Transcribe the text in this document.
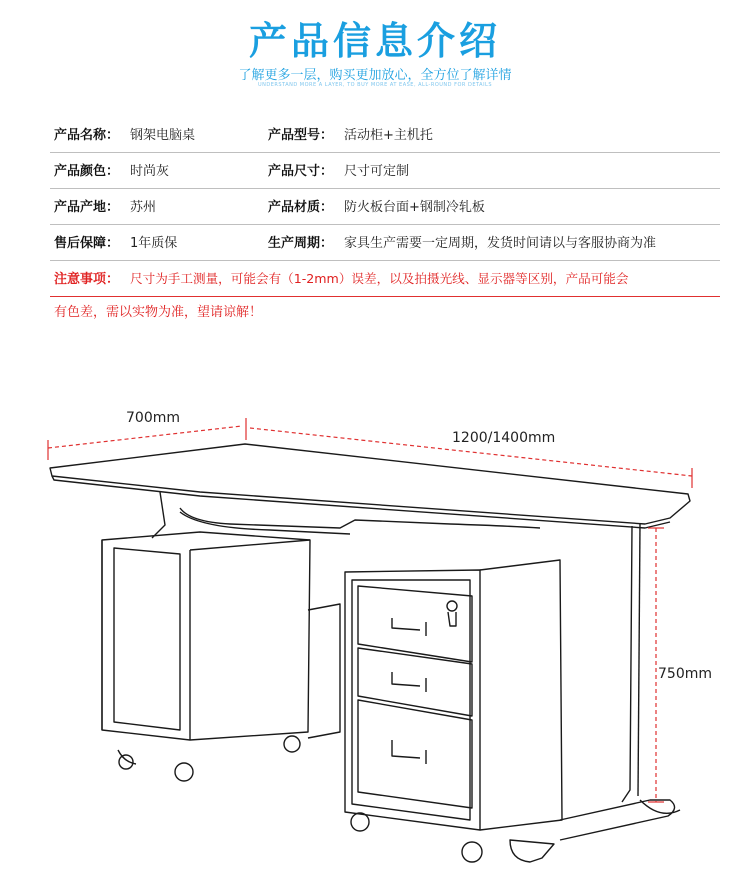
产品信息介绍
了解更多一层，购买更加放心，全方位了解详情
UNDERSTAND MORE A LAYER, TO BUY MORE AT EASE, ALL-ROUND FOR DETAILS
产品名称： 钢架电脑桌	产品型号： 活动柜+主机托
产品颜色： 时尚灰	产品尺寸： 尺寸可定制
产品产地： 苏州	产品材质： 防火板台面+钢制冷轧板
售后保障： 1年质保	生产周期： 家具生产需要一定周期，发货时间请以与客服协商为准
注意事项： 尺寸为手工测量，可能会有（1-2mm）误差，以及拍摄光线、显示器等区别，产品可能会
有色差，需以实物为准，望请谅解！
700mm
1200/1400mm
750mm
